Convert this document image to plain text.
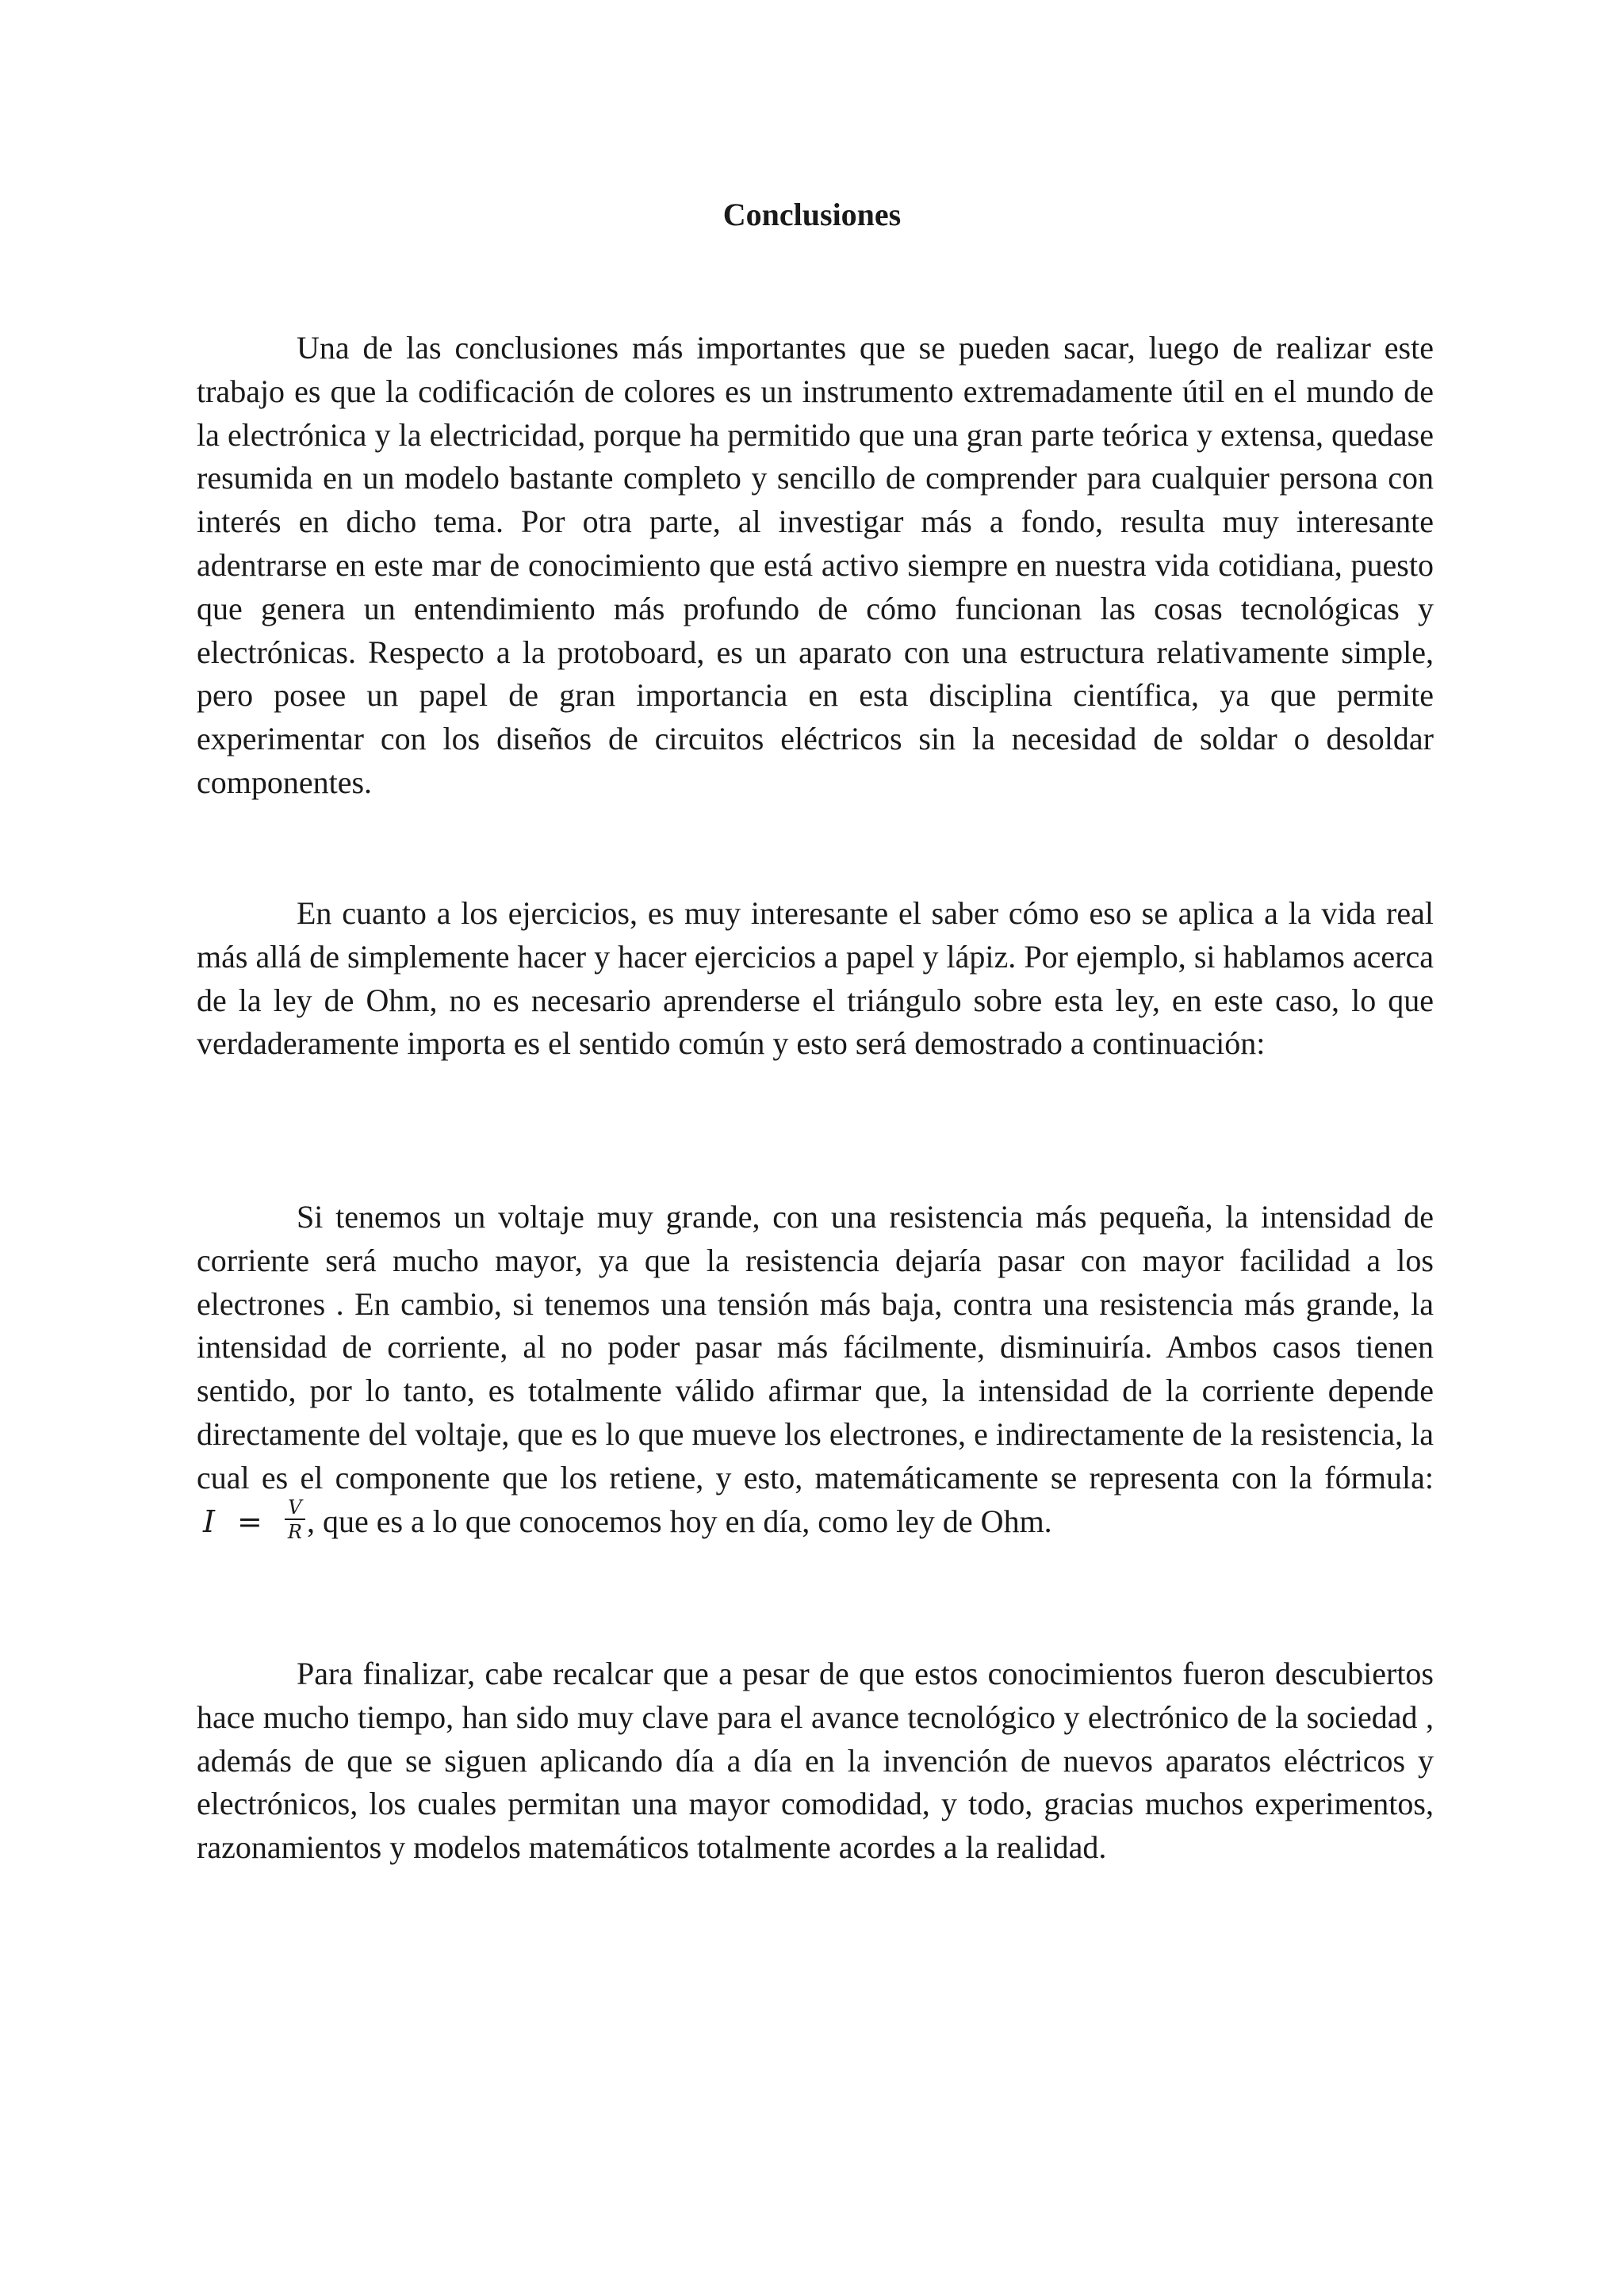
Conclusiones

Una de las conclusiones más importantes que se pueden sacar, luego de realizar este trabajo es que la codificación de colores es un instrumento extremadamente útil en el mundo de la electrónica y la electricidad, porque ha permitido que una gran parte teórica y extensa, quedase resumida en un modelo bastante completo y sencillo de comprender para cualquier persona con interés en dicho tema. Por otra parte, al investigar más a fondo, resulta muy interesante adentrarse en este mar de conocimiento que está activo siempre en nuestra vida cotidiana, puesto que genera un entendimiento más profundo de cómo funcionan las cosas tecnológicas y electrónicas. Respecto a la protoboard, es un aparato con una estructura relativamente simple, pero posee un papel de gran importancia en esta disciplina científica, ya que permite experimentar con los diseños de circuitos eléctricos sin la necesidad de soldar o desoldar componentes.

En cuanto a los ejercicios, es muy interesante el saber cómo eso se aplica a la vida real más allá de simplemente hacer y hacer ejercicios a papel y lápiz. Por ejemplo, si hablamos acerca de la ley de Ohm, no es necesario aprenderse el triángulo sobre esta ley, en este caso, lo que verdaderamente importa es el sentido común y esto será demostrado a continuación:

Si tenemos un voltaje muy grande, con una resistencia más pequeña, la intensidad de corriente será mucho mayor, ya que la resistencia dejaría pasar con mayor facilidad a los electrones . En cambio, si tenemos una tensión más baja, contra una resistencia más grande, la intensidad de corriente, al no poder pasar más fácilmente, disminuiría. Ambos casos tienen sentido, por lo tanto, es totalmente válido afirmar que, la intensidad de la corriente depende directamente del voltaje, que es lo que mueve los electrones, e indirectamente de la resistencia, la cual es el componente que los retiene, y esto, matemáticamente se representa con la fórmula:I = $\frac{V}{R}$ , que es a lo que conocemos hoy en día, como ley de Ohm.

Para finalizar, cabe recalcar que a pesar de que estos conocimientos fueron descubiertos hace mucho tiempo, han sido muy clave para el avance tecnológico y electrónico de la sociedad , además de que se siguen aplicando día a día en la invención de nuevos aparatos eléctricos y electrónicos, los cuales permitan una mayor comodidad, y todo, gracias muchos experimentos, razonamientos y modelos matemáticos totalmente acordes a la realidad.
